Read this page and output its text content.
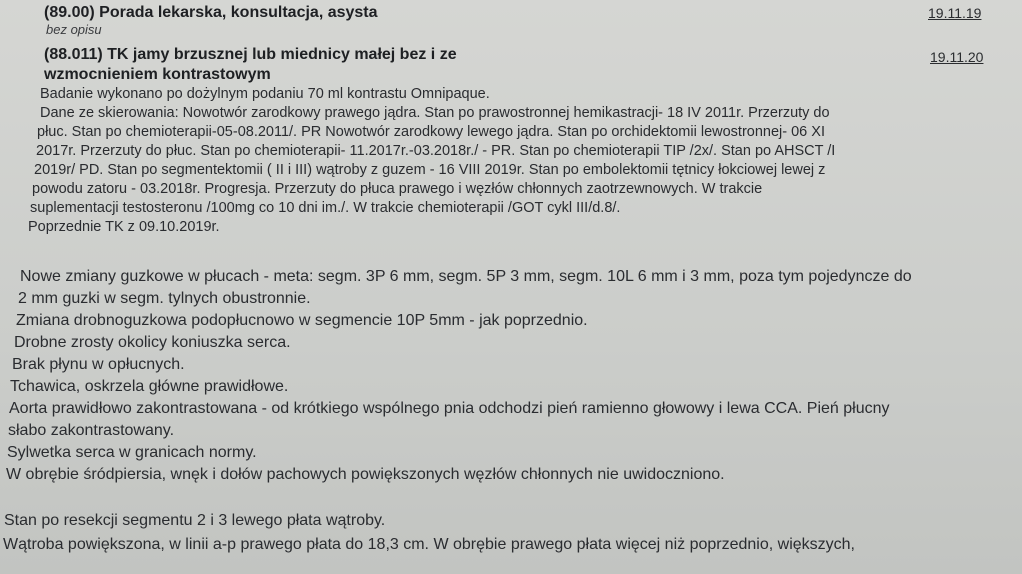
(89.00) Porada lekarska, konsultacja, asysta	19.11.19
bez opisu
(88.011) TK jamy brzusznej lub miednicy małej bez i ze
wzmocnieniem kontrastowym
19.11.20
Badanie wykonano po dożylnym podaniu 70 ml kontrastu Omnipaque.
Dane ze skierowania: Nowotwór zarodkowy prawego jądra. Stan po prawostronnej hemikastracji- 18 IV 2011r. Przerzuty do
płuc. Stan po chemioterapii-05-08.2011/. PR Nowotwór zarodkowy lewego jądra. Stan po orchidektomii lewostronnej- 06 XI
2017r. Przerzuty do płuc. Stan po chemioterapii- 11.2017r.-03.2018r./ - PR. Stan po chemioterapii TIP /2x/. Stan po AHSCT /I
2019r/ PD. Stan po segmentektomii ( II i III) wątroby z guzem - 16 VIII 2019r. Stan po embolektomii tętnicy łokciowej lewej z
powodu zatoru - 03.2018r. Progresja. Przerzuty do płuca prawego i węzłów chłonnych zaotrzewnowych. W trakcie
suplementacji testosteronu /100mg co 10 dni im./. W trakcie chemioterapii /GOT cykl III/d.8/.
Poprzednie TK z 09.10.2019r.
Nowe zmiany guzkowe w płucach - meta: segm. 3P 6 mm, segm. 5P 3 mm, segm. 10L 6 mm i 3 mm, poza tym pojedyncze do
2 mm guzki w segm. tylnych obustronnie.
Zmiana drobnoguzkowa podopłucnowo w segmencie 10P 5mm - jak poprzednio.
Drobne zrosty okolicy koniuszka serca.
Brak płynu w opłucnych.
Tchawica, oskrzela główne prawidłowe.
Aorta prawidłowo zakontrastowana - od krótkiego wspólnego pnia odchodzi pień ramienno głowowy i lewa CCA. Pień płucny
słabo zakontrastowany.
Sylwetka serca w granicach normy.
W obrębie śródpiersia, wnęk i dołów pachowych powiększonych węzłów chłonnych nie uwidoczniono.
Stan po resekcji segmentu 2 i 3 lewego płata wątroby.
Wątroba powiększona, w linii a-p prawego płata do 18,3 cm. W obrębie prawego płata więcej niż poprzednio, większych,
